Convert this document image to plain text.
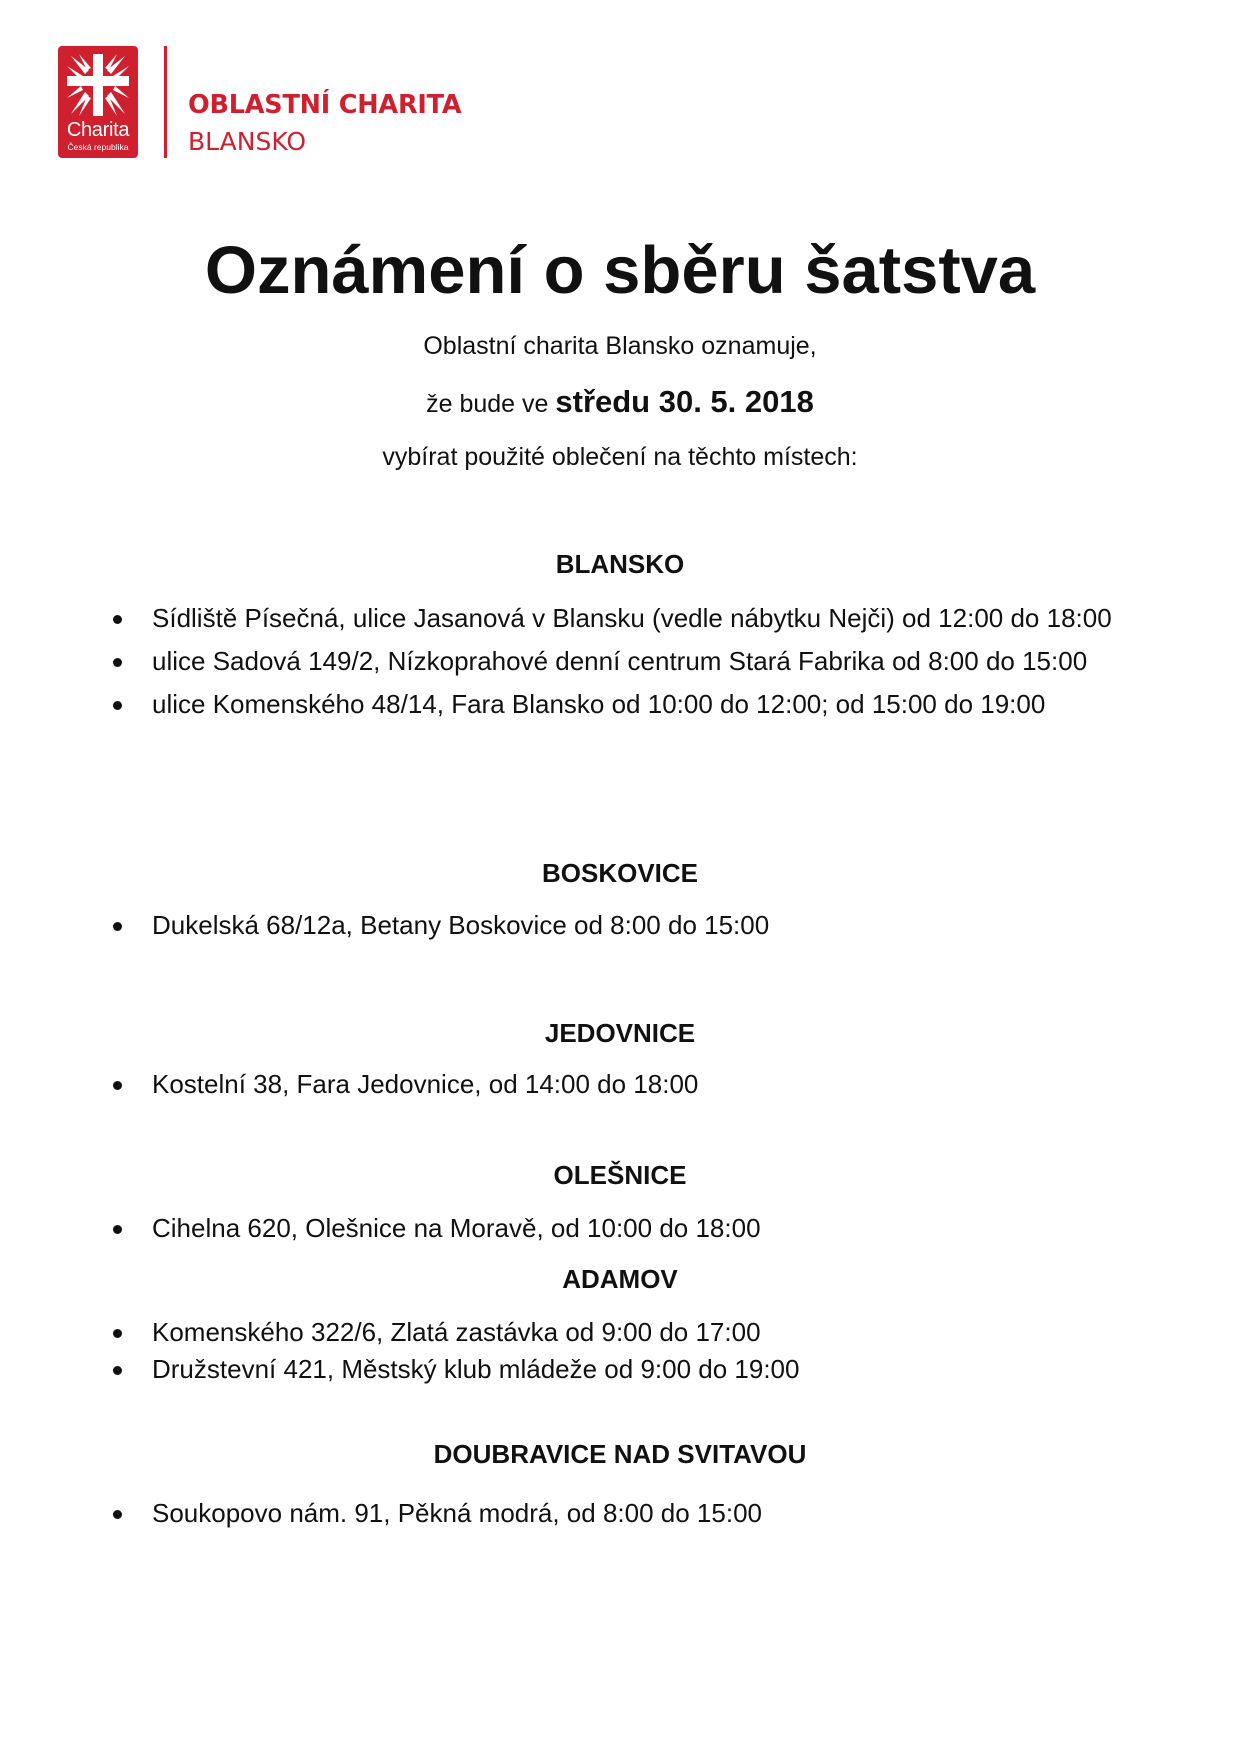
Charita
Česká republika
OBLASTNÍ CHARITA
BLANSKO
Oznámení o sběru šatstva
Oblastní charita Blansko oznamuje,
že bude ve středu 30. 5. 2018
vybírat použité oblečení na těchto místech:
BLANSKO
Sídliště Písečná, ulice Jasanová v Blansku (vedle nábytku Nejči) od 12:00 do 18:00
ulice Sadová 149/2, Nízkoprahové denní centrum Stará Fabrika od 8:00 do 15:00
ulice Komenského 48/14, Fara Blansko od 10:00 do 12:00; od 15:00 do 19:00
BOSKOVICE
Dukelská 68/12a, Betany Boskovice od 8:00 do 15:00
JEDOVNICE
Kostelní 38, Fara Jedovnice, od 14:00 do 18:00
OLEŠNICE
Cihelna 620, Olešnice na Moravě, od 10:00 do 18:00
ADAMOV
Komenského 322/6, Zlatá zastávka od 9:00 do 17:00
Družstevní 421, Městský klub mládeže od 9:00 do 19:00
DOUBRAVICE NAD SVITAVOU
Soukopovo nám. 91, Pěkná modrá, od 8:00 do 15:00
